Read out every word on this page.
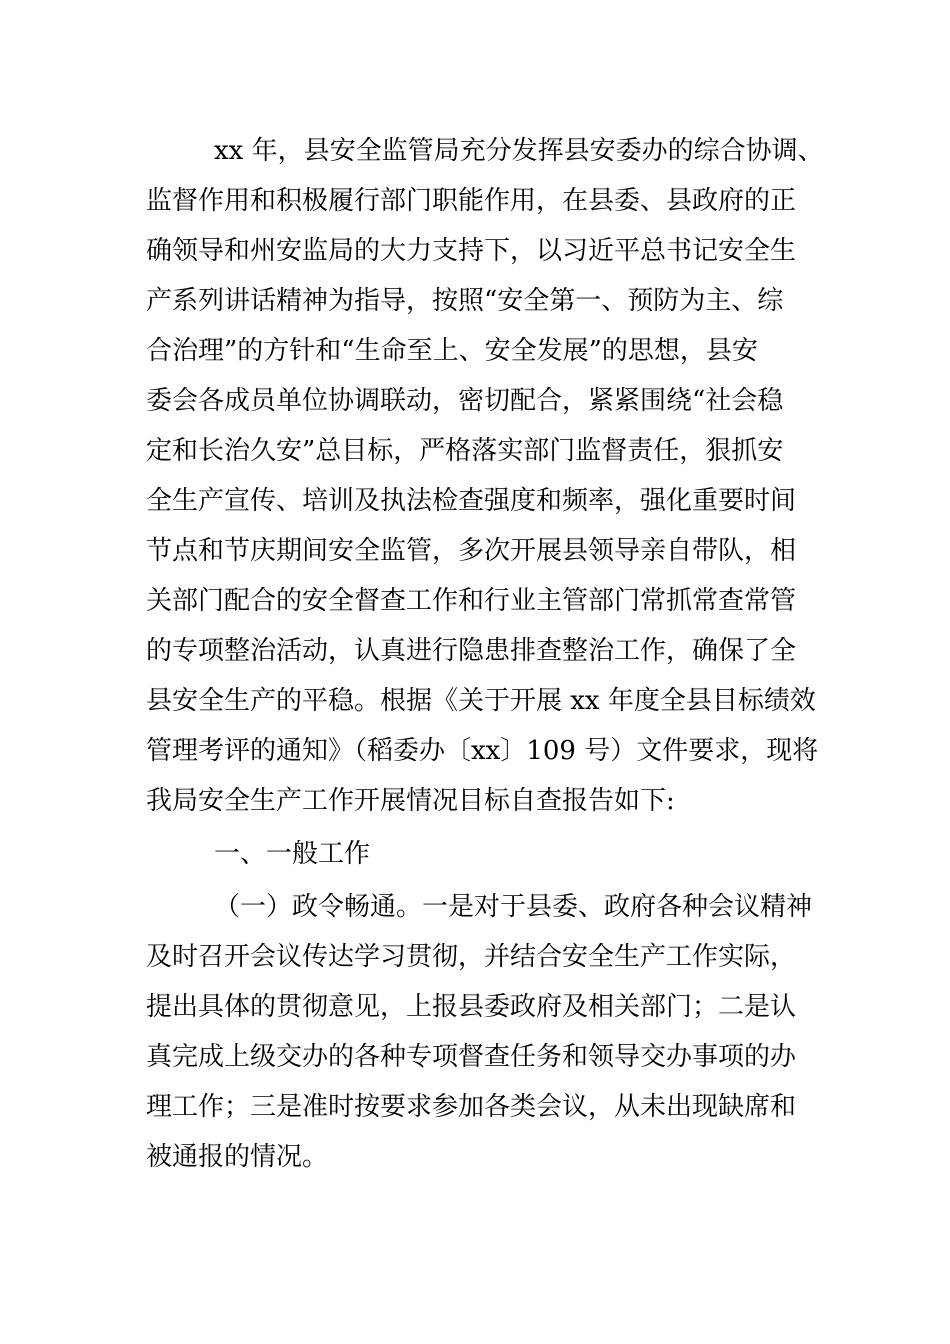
xx 年，县安全监管局充分发挥县安委办的综合协调、
监督作用和积极履行部门职能作用，在县委、县政府的正
确领导和州安监局的大力支持下，以习近平总书记安全生
产系列讲话精神为指导，按照“安全第一、预防为主、综
合治理”的方针和“生命至上、安全发展”的思想，县安
委会各成员单位协调联动，密切配合，紧紧围绕“社会稳
定和长治久安”总目标，严格落实部门监督责任，狠抓安
全生产宣传、培训及执法检查强度和频率，强化重要时间
节点和节庆期间安全监管，多次开展县领导亲自带队，相
关部门配合的安全督查工作和行业主管部门常抓常查常管
的专项整治活动，认真进行隐患排查整治工作，确保了全
县安全生产的平稳。根据《关于开展 xx 年度全县目标绩效
管理考评的通知》（稻委办〔xx〕109 号）文件要求，现将
我局安全生产工作开展情况目标自查报告如下:
一、一般工作
（一）政令畅通。一是对于县委、政府各种会议精神
及时召开会议传达学习贯彻，并结合安全生产工作实际，
提出具体的贯彻意见，上报县委政府及相关部门；二是认
真完成上级交办的各种专项督查任务和领导交办事项的办
理工作；三是准时按要求参加各类会议，从未出现缺席和
被通报的情况。
